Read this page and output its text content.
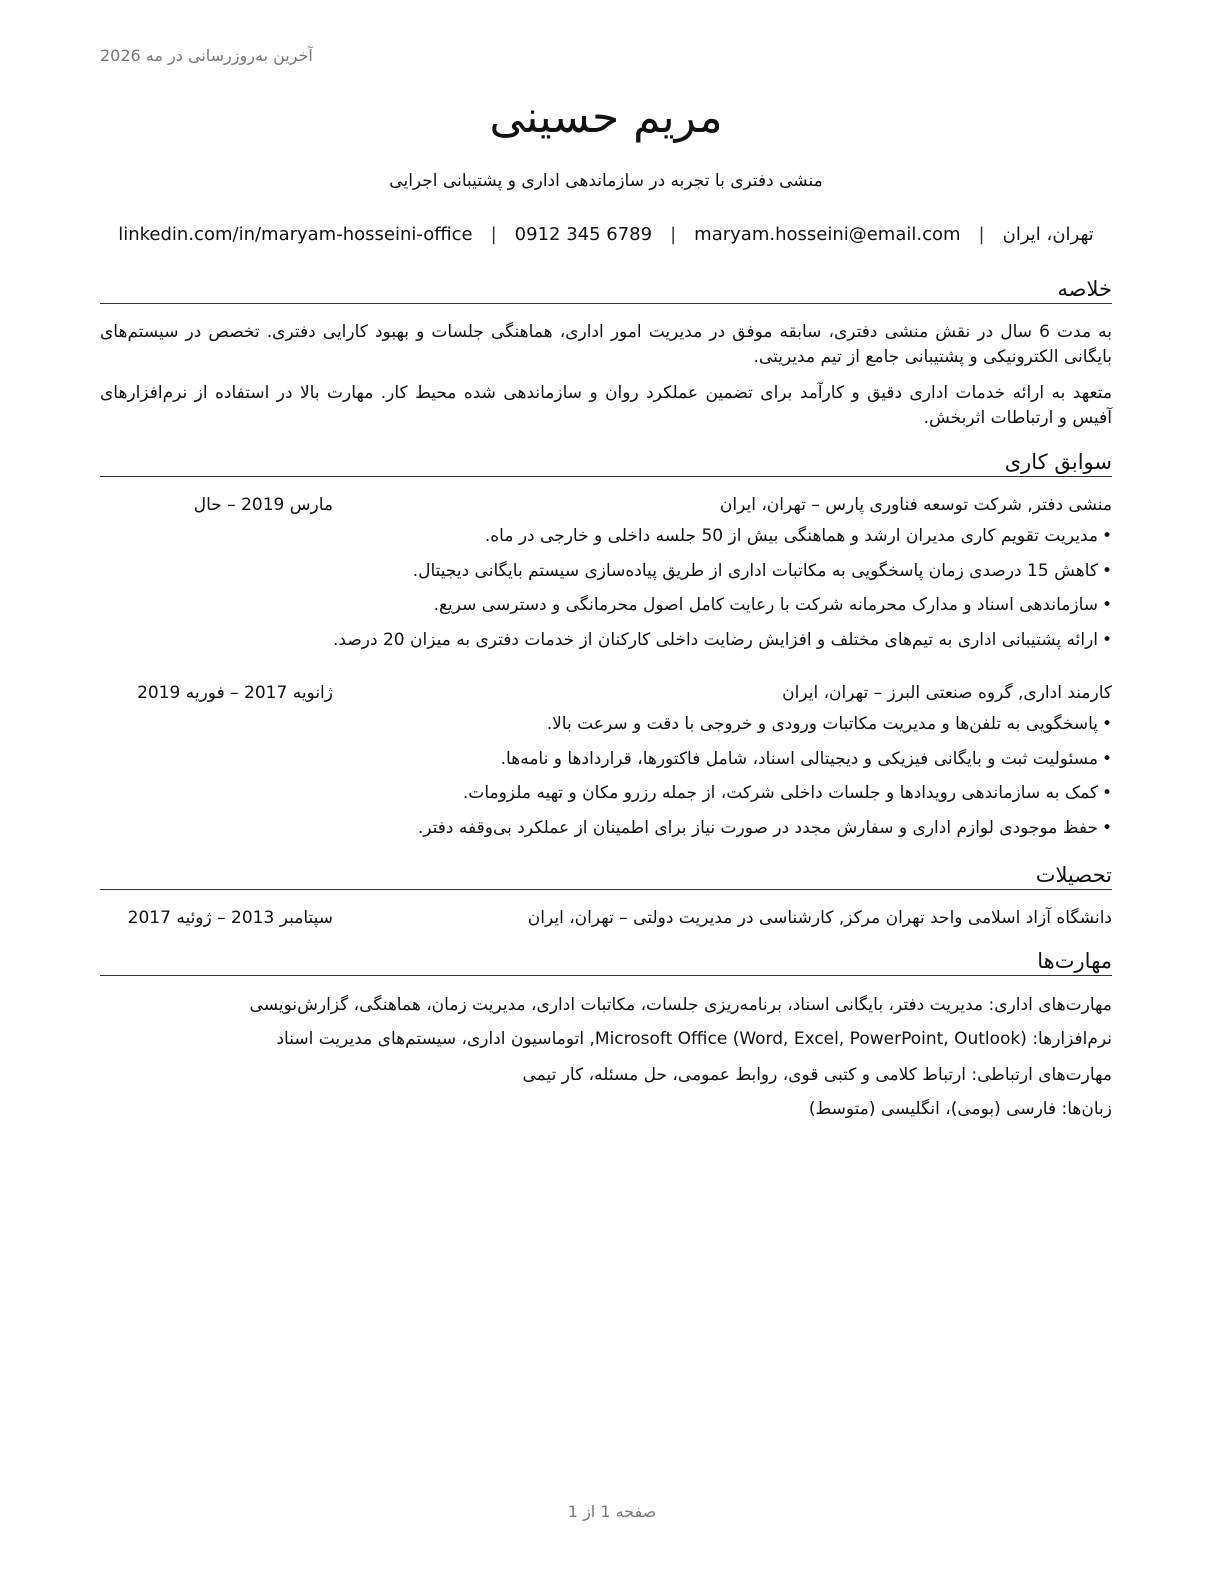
آخرین به‌روزرسانی در مه 2026
مریم حسینی
منشی دفتری با تجربه در سازماندهی اداری و پشتیبانی اجرایی
تهران، ایران
|
maryam.hosseini@email.com
|
0912 345 6789
|
linkedin.com/in/maryam-hosseini-office
خلاصه
به مدت 6 سال در نقش منشی دفتری، سابقه موفق در مدیریت امور اداری، هماهنگی جلسات و بهبود کارایی دفتری. تخصص در سیستم‌های بایگانی الکترونیکی و پشتیبانی جامع از تیم مدیریتی.
متعهد به ارائه خدمات اداری دقیق و کارآمد برای تضمین عملکرد روان و سازماندهی شده محیط کار. مهارت بالا در استفاده از نرم‌افزارهای آفیس و ارتباطات اثربخش.
سوابق کاری
منشی دفتر, شرکت توسعه فناوری پارس – تهران، ایران
مارس 2019 – حال
•مدیریت تقویم کاری مدیران ارشد و هماهنگی بیش از 50 جلسه داخلی و خارجی در ماه.
•کاهش 15 درصدی زمان پاسخگویی به مکاتبات اداری از طریق پیاده‌سازی سیستم بایگانی دیجیتال.
•سازماندهی اسناد و مدارک محرمانه شرکت با رعایت کامل اصول محرمانگی و دسترسی سریع.
•ارائه پشتیبانی اداری به تیم‌های مختلف و افزایش رضایت داخلی کارکنان از خدمات دفتری به میزان 20 درصد.
کارمند اداری, گروه صنعتی البرز – تهران، ایران
ژانویه 2017 – فوریه 2019
•پاسخگویی به تلفن‌ها و مدیریت مکاتبات ورودی و خروجی با دقت و سرعت بالا.
•مسئولیت ثبت و بایگانی فیزیکی و دیجیتالی اسناد، شامل فاکتورها، قراردادها و نامه‌ها.
•کمک به سازماندهی رویدادها و جلسات داخلی شرکت، از جمله رزرو مکان و تهیه ملزومات.
•حفظ موجودی لوازم اداری و سفارش مجدد در صورت نیاز برای اطمینان از عملکرد بی‌وقفه دفتر.
تحصیلات
دانشگاه آزاد اسلامی واحد تهران مرکز, کارشناسی در مدیریت دولتی – تهران، ایران
سپتامبر 2013 – ژوئیه 2017
مهارت‌ها
مهارت‌های اداری: مدیریت دفتر، بایگانی اسناد، برنامه‌ریزی جلسات، مکاتبات اداری، مدیریت زمان، هماهنگی، گزارش‌نویسی
نرم‌افزارها: Microsoft Office (Word, Excel, PowerPoint, Outlook), اتوماسیون اداری، سیستم‌های مدیریت اسناد
مهارت‌های ارتباطی: ارتباط کلامی و کتبی قوی، روابط عمومی، حل مسئله، کار تیمی
زبان‌ها: فارسی (بومی)، انگلیسی (متوسط)
صفحه 1 از 1
